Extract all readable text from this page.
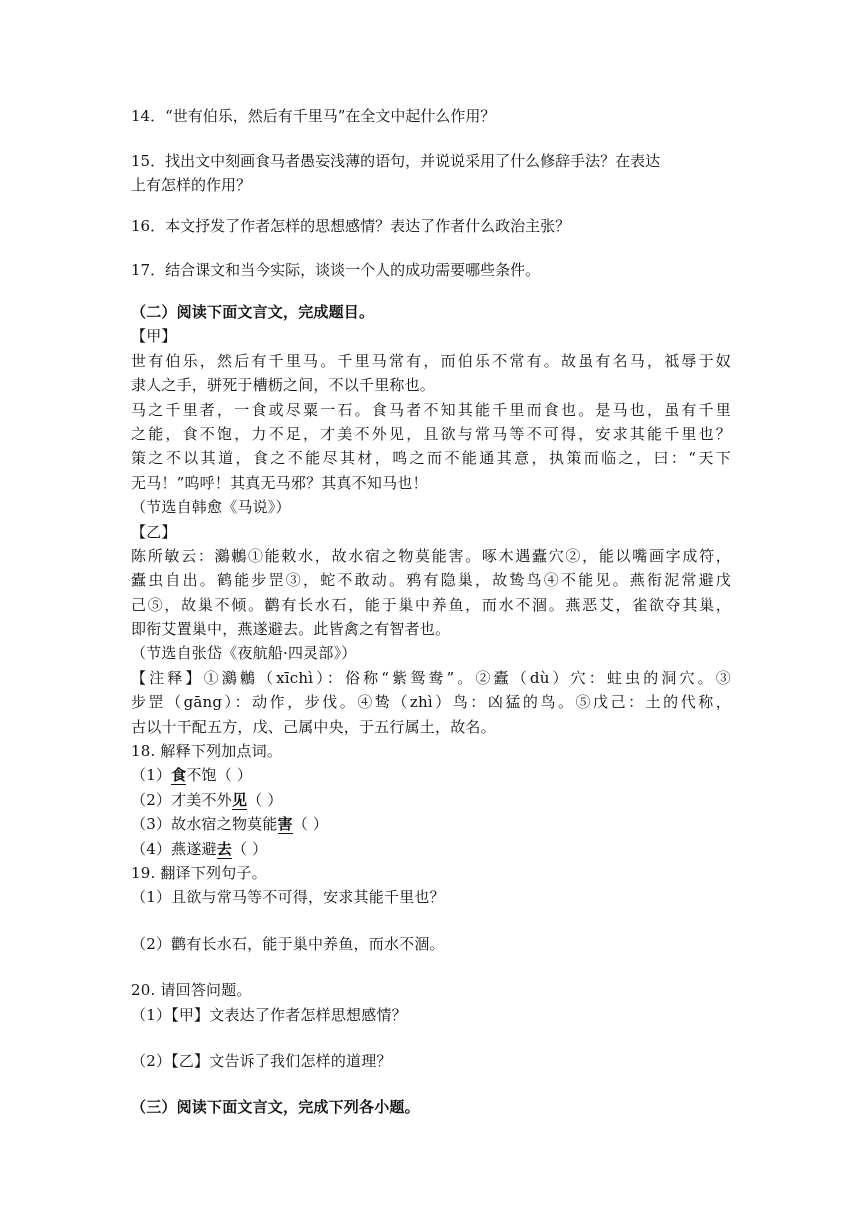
14．“世有伯乐，然后有千里马”在全文中起什么作用？
15．找出文中刻画食马者愚妄浅薄的语句，并说说采用了什么修辞手法？在表达
上有怎样的作用？
16．本文抒发了作者怎样的思想感情？表达了作者什么政治主张？
17．结合课文和当今实际，谈谈一个人的成功需要哪些条件。
（二）阅读下面文言文，完成题目。
【甲】
世有伯乐，然后有千里马。千里马常有，而伯乐不常有。故虽有名马，祗辱于奴
隶人之手，骈死于槽枥之间，不以千里称也。
马之千里者，一食或尽粟一石。食马者不知其能千里而食也。是马也，虽有千里
之能，食不饱，力不足，才美不外见，且欲与常马等不可得，安求其能千里也？
策之不以其道，食之不能尽其材，鸣之而不能通其意，执策而临之，曰：“天下
无马！”呜呼！其真无马邪？其真不知马也！
（节选自韩愈《马说》）
【乙】
陈所敏云：鸂鶒①能敕水，故水宿之物莫能害。啄木遇蠹穴②，能以嘴画字成符，
蠹虫自出。鹤能步罡③，蛇不敢动。鸦有隐巢，故鸷鸟④不能见。燕衔泥常避戊
己⑤，故巢不倾。鹳有长水石，能于巢中养鱼，而水不涸。燕恶艾，雀欲夺其巢，
即衔艾置巢中，燕遂避去。此皆禽之有智者也。
（节选自张岱《夜航船·四灵部》）
【注释】①鸂鶒（xīchì）：俗称“紫鸳鸯”。②蠹（dù）穴：蛀虫的洞穴。③
步罡（gāng）：动作，步伐。④鸷（zhì）鸟：凶猛的鸟。⑤戊己：土的代称，
古以十干配五方，戊、己属中央，于五行属土，故名。
18. 解释下列加点词。
（1）食不饱（ ）
（2）才美不外见（ ）
（3）故水宿之物莫能害（ ）
（4）燕遂避去（ ）
19. 翻译下列句子。
（1）且欲与常马等不可得，安求其能千里也？
（2）鹳有长水石，能于巢中养鱼，而水不涸。
20. 请回答问题。
（1）【甲】文表达了作者怎样思想感情？
（2）【乙】文告诉了我们怎样的道理？
（三）阅读下面文言文，完成下列各小题。
